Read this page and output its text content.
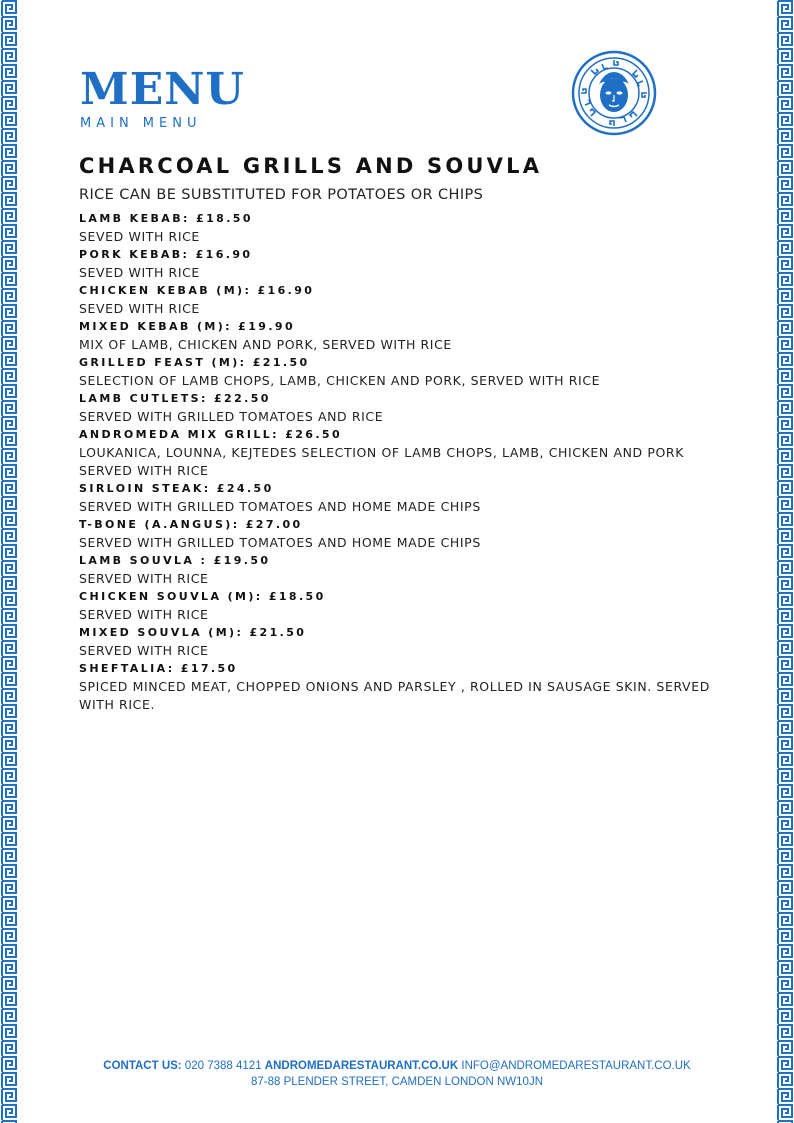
MENU
MAIN MENU
CHARCOAL GRILLS AND SOUVLA
RICE CAN BE SUBSTITUTED FOR POTATOES OR CHIPS
LAMB KEBAB: £18.50
SEVED WITH RICE
PORK KEBAB: £16.90
SEVED WITH RICE
CHICKEN KEBAB (M): £16.90
SEVED WITH RICE
MIXED KEBAB (M): £19.90
MIX OF LAMB, CHICKEN AND PORK, SERVED WITH RICE
GRILLED FEAST (M): £21.50
SELECTION OF LAMB CHOPS, LAMB, CHICKEN AND PORK, SERVED WITH RICE
LAMB CUTLETS: £22.50
SERVED WITH GRILLED TOMATOES AND RICE
ANDROMEDA MIX GRILL: £26.50
LOUKANICA, LOUNNA, KEJTEDES SELECTION OF LAMB CHOPS, LAMB, CHICKEN AND PORK SERVED WITH RICE
SIRLOIN STEAK: £24.50
SERVED WITH GRILLED TOMATOES AND HOME MADE CHIPS
T-BONE (A.ANGUS): £27.00
SERVED WITH GRILLED TOMATOES AND HOME MADE CHIPS
LAMB SOUVLA : £19.50
SERVED WITH RICE
CHICKEN SOUVLA (M): £18.50
SERVED WITH RICE
MIXED SOUVLA (M): £21.50
SERVED WITH RICE
SHEFTALIA: £17.50
SPICED MINCED MEAT, CHOPPED ONIONS AND PARSLEY , ROLLED IN SAUSAGE SKIN. SERVED WITH RICE.
CONTACT US: 020 7388 4121 ANDROMEDARESTAURANT.CO.UK INFO@ANDROMEDARESTAURANT.CO.UK
87-88 PLENDER STREET, CAMDEN LONDON NW10JN
